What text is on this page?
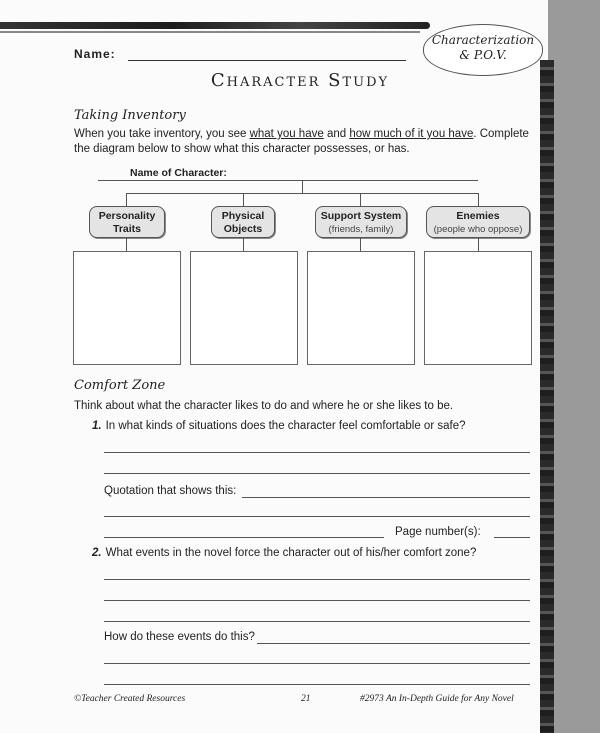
Characterization
& P.O.V.
Name:
Character Study
Taking Inventory
When you take inventory, you see what you have and how much of it you have. Complete
the diagram below to show what this character possesses, or has.
Name of Character:
Personality
Traits
Physical
Objects
Support System
(friends, family)
Enemies
(people who oppose)
Comfort Zone
Think about what the character likes to do and where he or she likes to be.
1. In what kinds of situations does the character feel comfortable or safe?
Quotation that shows this:
Page number(s):
2. What events in the novel force the character out of his/her comfort zone?
How do these events do this?
©Teacher Created Resources	21	#2973 An In-Depth Guide for Any Novel
